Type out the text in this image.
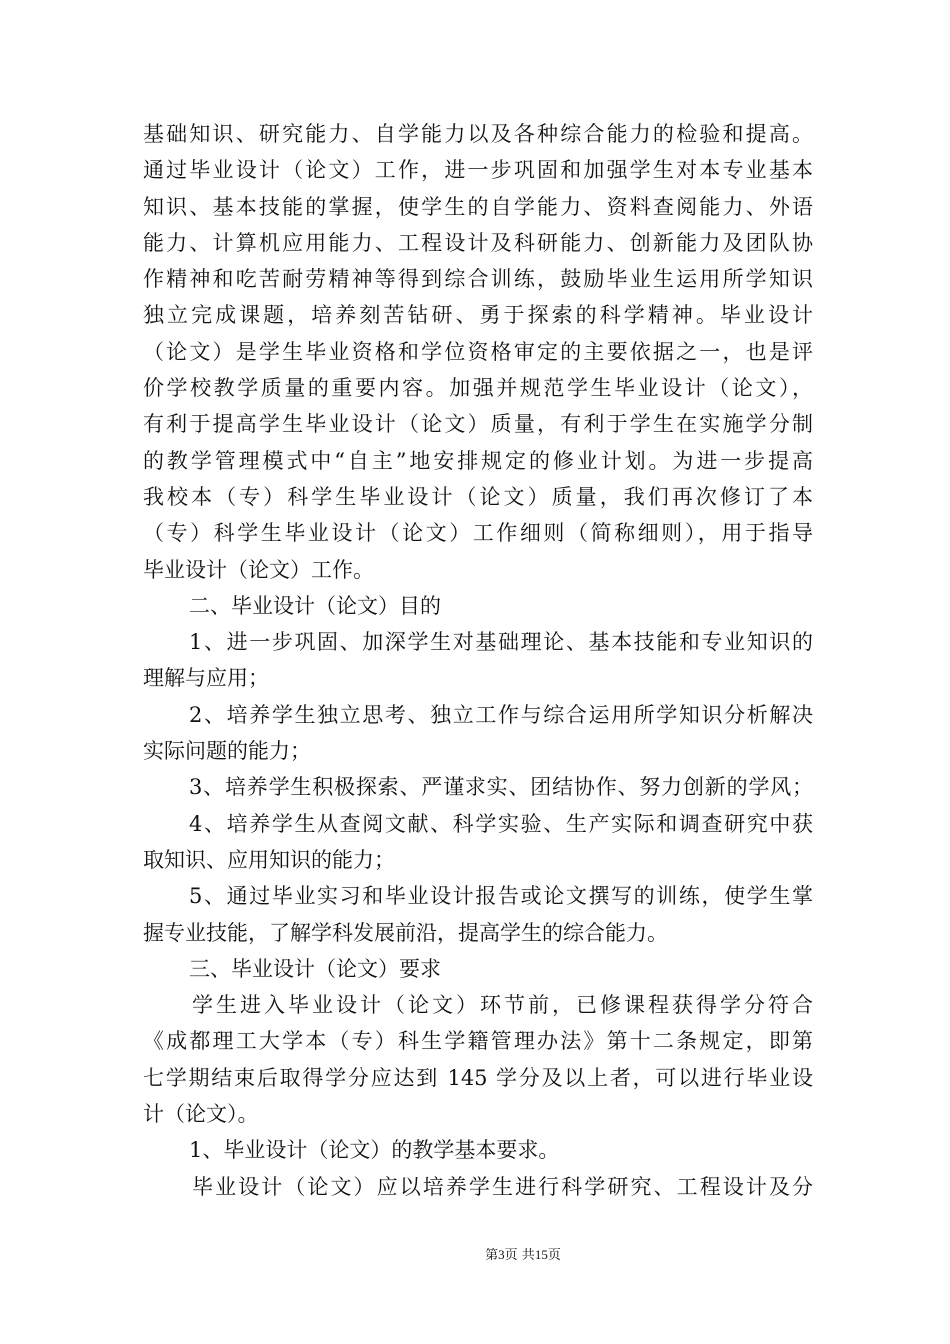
基础知识、研究能力、自学能力以及各种综合能力的检验和提高。
通过毕业设计（论文）工作，进一步巩固和加强学生对本专业基本
知识、基本技能的掌握，使学生的自学能力、资料查阅能力、外语
能力、计算机应用能力、工程设计及科研能力、创新能力及团队协
作精神和吃苦耐劳精神等得到综合训练，鼓励毕业生运用所学知识
独立完成课题，培养刻苦钻研、勇于探索的科学精神。毕业设计
（论文）是学生毕业资格和学位资格审定的主要依据之一，也是评
价学校教学质量的重要内容。加强并规范学生毕业设计（论文），
有利于提高学生毕业设计（论文）质量，有利于学生在实施学分制
的教学管理模式中“自主”地安排规定的修业计划。为进一步提高
我校本（专）科学生毕业设计（论文）质量，我们再次修订了本
（专）科学生毕业设计（论文）工作细则（简称细则），用于指导
毕业设计（论文）工作。
二、毕业设计（论文）目的
1、进一步巩固、加深学生对基础理论、基本技能和专业知识的
理解与应用；
2、培养学生独立思考、独立工作与综合运用所学知识分析解决
实际问题的能力；
3、培养学生积极探索、严谨求实、团结协作、努力创新的学风；
4、培养学生从查阅文献、科学实验、生产实际和调查研究中获
取知识、应用知识的能力；
5、通过毕业实习和毕业设计报告或论文撰写的训练，使学生掌
握专业技能，了解学科发展前沿，提高学生的综合能力。
三、毕业设计（论文）要求
学生进入毕业设计（论文）环节前，已修课程获得学分符合
《成都理工大学本（专）科生学籍管理办法》第十二条规定，即第
七学期结束后取得学分应达到 145 学分及以上者，可以进行毕业设
计（论文）。
1、毕业设计（论文）的教学基本要求。
毕业设计（论文）应以培养学生进行科学研究、工程设计及分
第3页 共15页
